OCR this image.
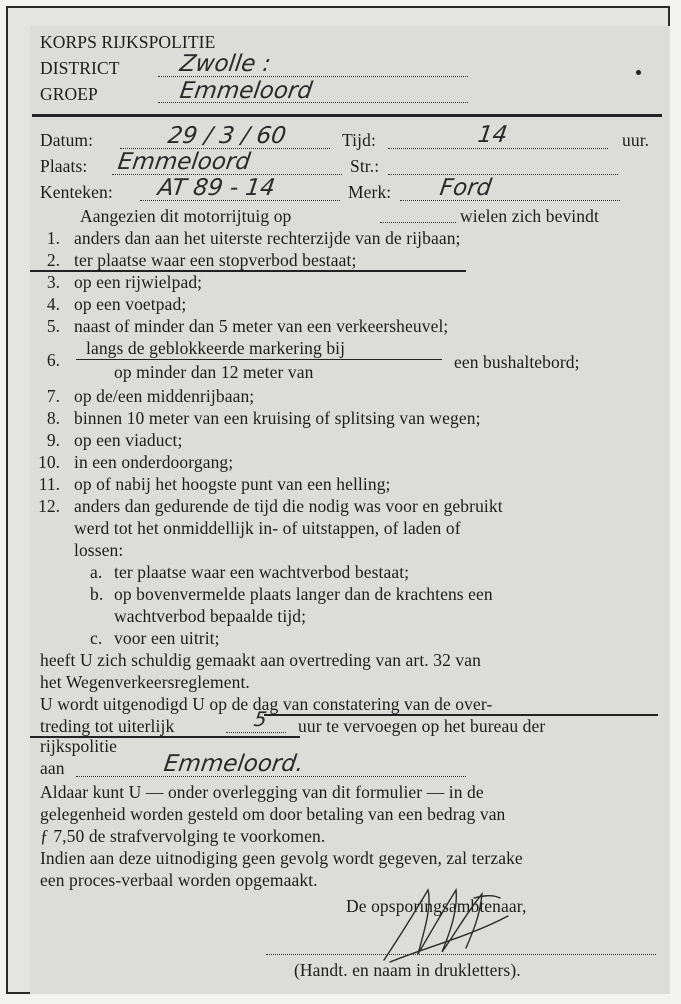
KORPS RIJKSPOLITIE
DISTRICT	Zwolle :
GROEP	Emmeloord
Datum:	29 / 3 / 60	Tijd:	14	uur.
Plaats: Emmeloord	Str.:
Kenteken: AT 89 - 14	Merk: Ford
Aangezien dit motorrijtuig op	wielen zich bevindt
1. anders dan aan het uiterste rechterzijde van de rijbaan;
2. ter plaatse waar een stopverbod bestaat;
3. op een rijwielpad;
4. op een voetpad;
5. naast of minder dan 5 meter van een verkeersheuvel;
langs de geblokkeerde markering bij
6.
op minder dan 12 meter van	een bushaltebord;
7. op de/een middenrijbaan;
8. binnen 10 meter van een kruising of splitsing van wegen;
9. op een viaduct;
10. in een onderdoorgang;
11. op of nabij het hoogste punt van een helling;
12. anders dan gedurende de tijd die nodig was voor en gebruikt
werd tot het onmiddellijk in- of uitstappen, of laden of
lossen:
a. ter plaatse waar een wachtverbod bestaat;
b. op bovenvermelde plaats langer dan de krachtens een
wachtverbod bepaalde tijd;
c. voor een uitrit;
heeft U zich schuldig gemaakt aan overtreding van art. 32 van
het Wegenverkeersreglement.
U wordt uitgenodigd U op de dag van constatering van de over-
treding tot uiterlijk	5 uur te vervoegen op het bureau der
rijkspolitie
aan	Emmeloord.
Aldaar kunt U — onder overlegging van dit formulier — in de
gelegenheid worden gesteld om door betaling van een bedrag van
ƒ 7,50 de strafvervolging te voorkomen.
Indien aan deze uitnodiging geen gevolg wordt gegeven, zal terzake
een proces-verbaal worden opgemaakt.
De opsporingsambtenaar,
(Handt. en naam in drukletters).
